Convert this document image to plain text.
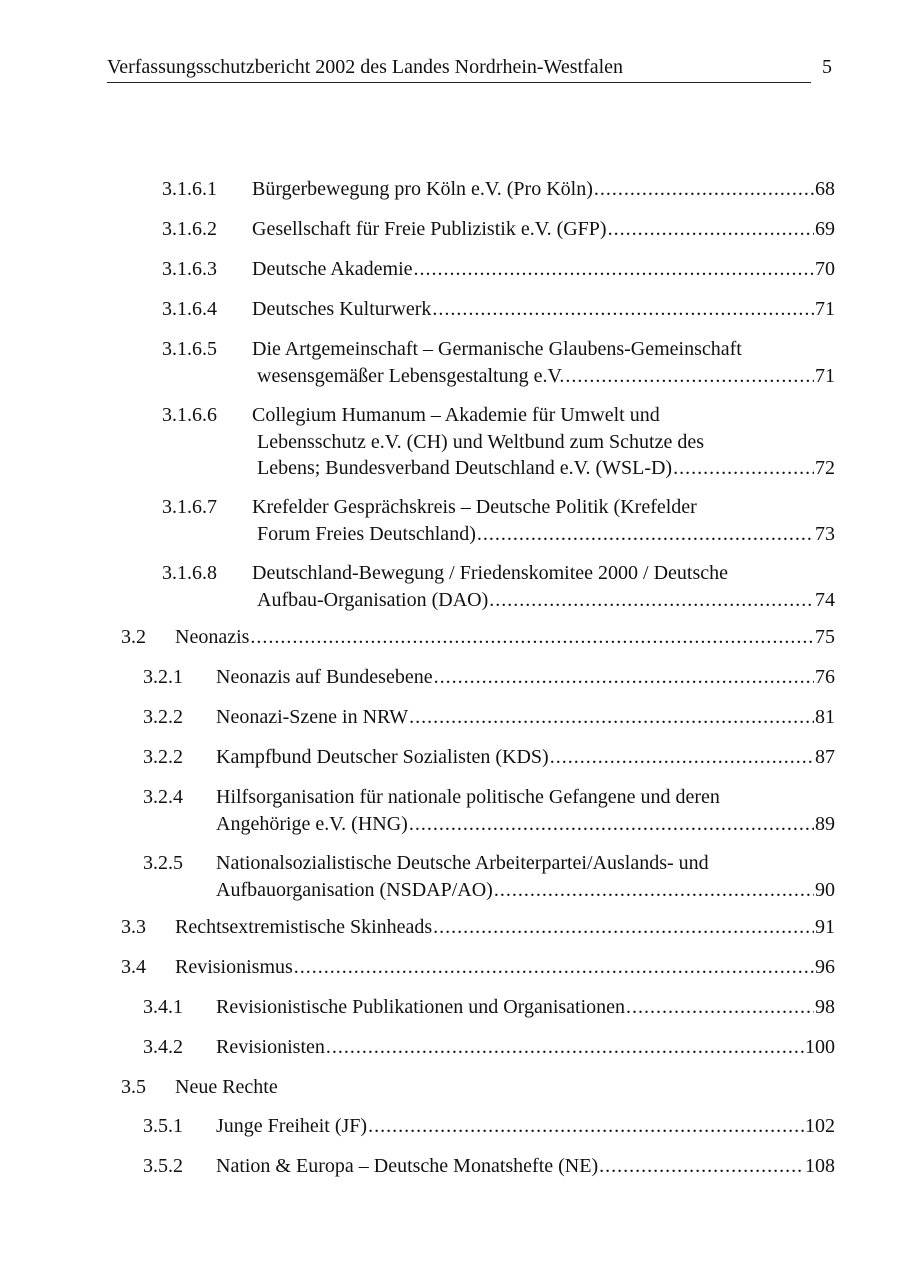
Verfassungsschutzbericht 2002 des Landes Nordrhein-Westfalen	5
3.1.6.1 Bürgerbewegung pro Köln e.V. (Pro Köln) .....	68
3.1.6.2 Gesellschaft für Freie Publizistik e.V. (GFP) .....	69
3.1.6.3 Deutsche Akademie .....	70
3.1.6.4 Deutsches Kulturwerk .....	71
3.1.6.5 Die Artgemeinschaft – Germanische Glaubens-Gemeinschaft
wesensgemäßer Lebensgestaltung e.V. .....	71
3.1.6.6 Collegium Humanum – Akademie für Umwelt und
Lebensschutz e.V. (CH) und Weltbund zum Schutze des
Lebens; Bundesverband Deutschland e.V. (WSL-D) .....	72
3.1.6.7 Krefelder Gesprächskreis – Deutsche Politik (Krefelder
Forum Freies Deutschland) .....	73
3.1.6.8 Deutschland-Bewegung / Friedenskomitee 2000 / Deutsche
Aufbau-Organisation (DAO) .....	74
3.2 Neonazis .....	75
3.2.1 Neonazis auf Bundesebene .....	76
3.2.2 Neonazi-Szene in NRW .....	81
3.2.2 Kampfbund Deutscher Sozialisten (KDS) .....	87
3.2.4 Hilfsorganisation für nationale politische Gefangene und deren
Angehörige e.V. (HNG) .....	89
3.2.5 Nationalsozialistische Deutsche Arbeiterpartei/Auslands- und
Aufbauorganisation (NSDAP/AO) .....	90
3.3 Rechtsextremistische Skinheads .....	91
3.4 Revisionismus .....	96
3.4.1 Revisionistische Publikationen und Organisationen .....	98
3.4.2 Revisionisten .....	100
3.5 Neue Rechte
3.5.1 Junge Freiheit (JF) .....	102
3.5.2 Nation & Europa – Deutsche Monatshefte (NE) .....	108
